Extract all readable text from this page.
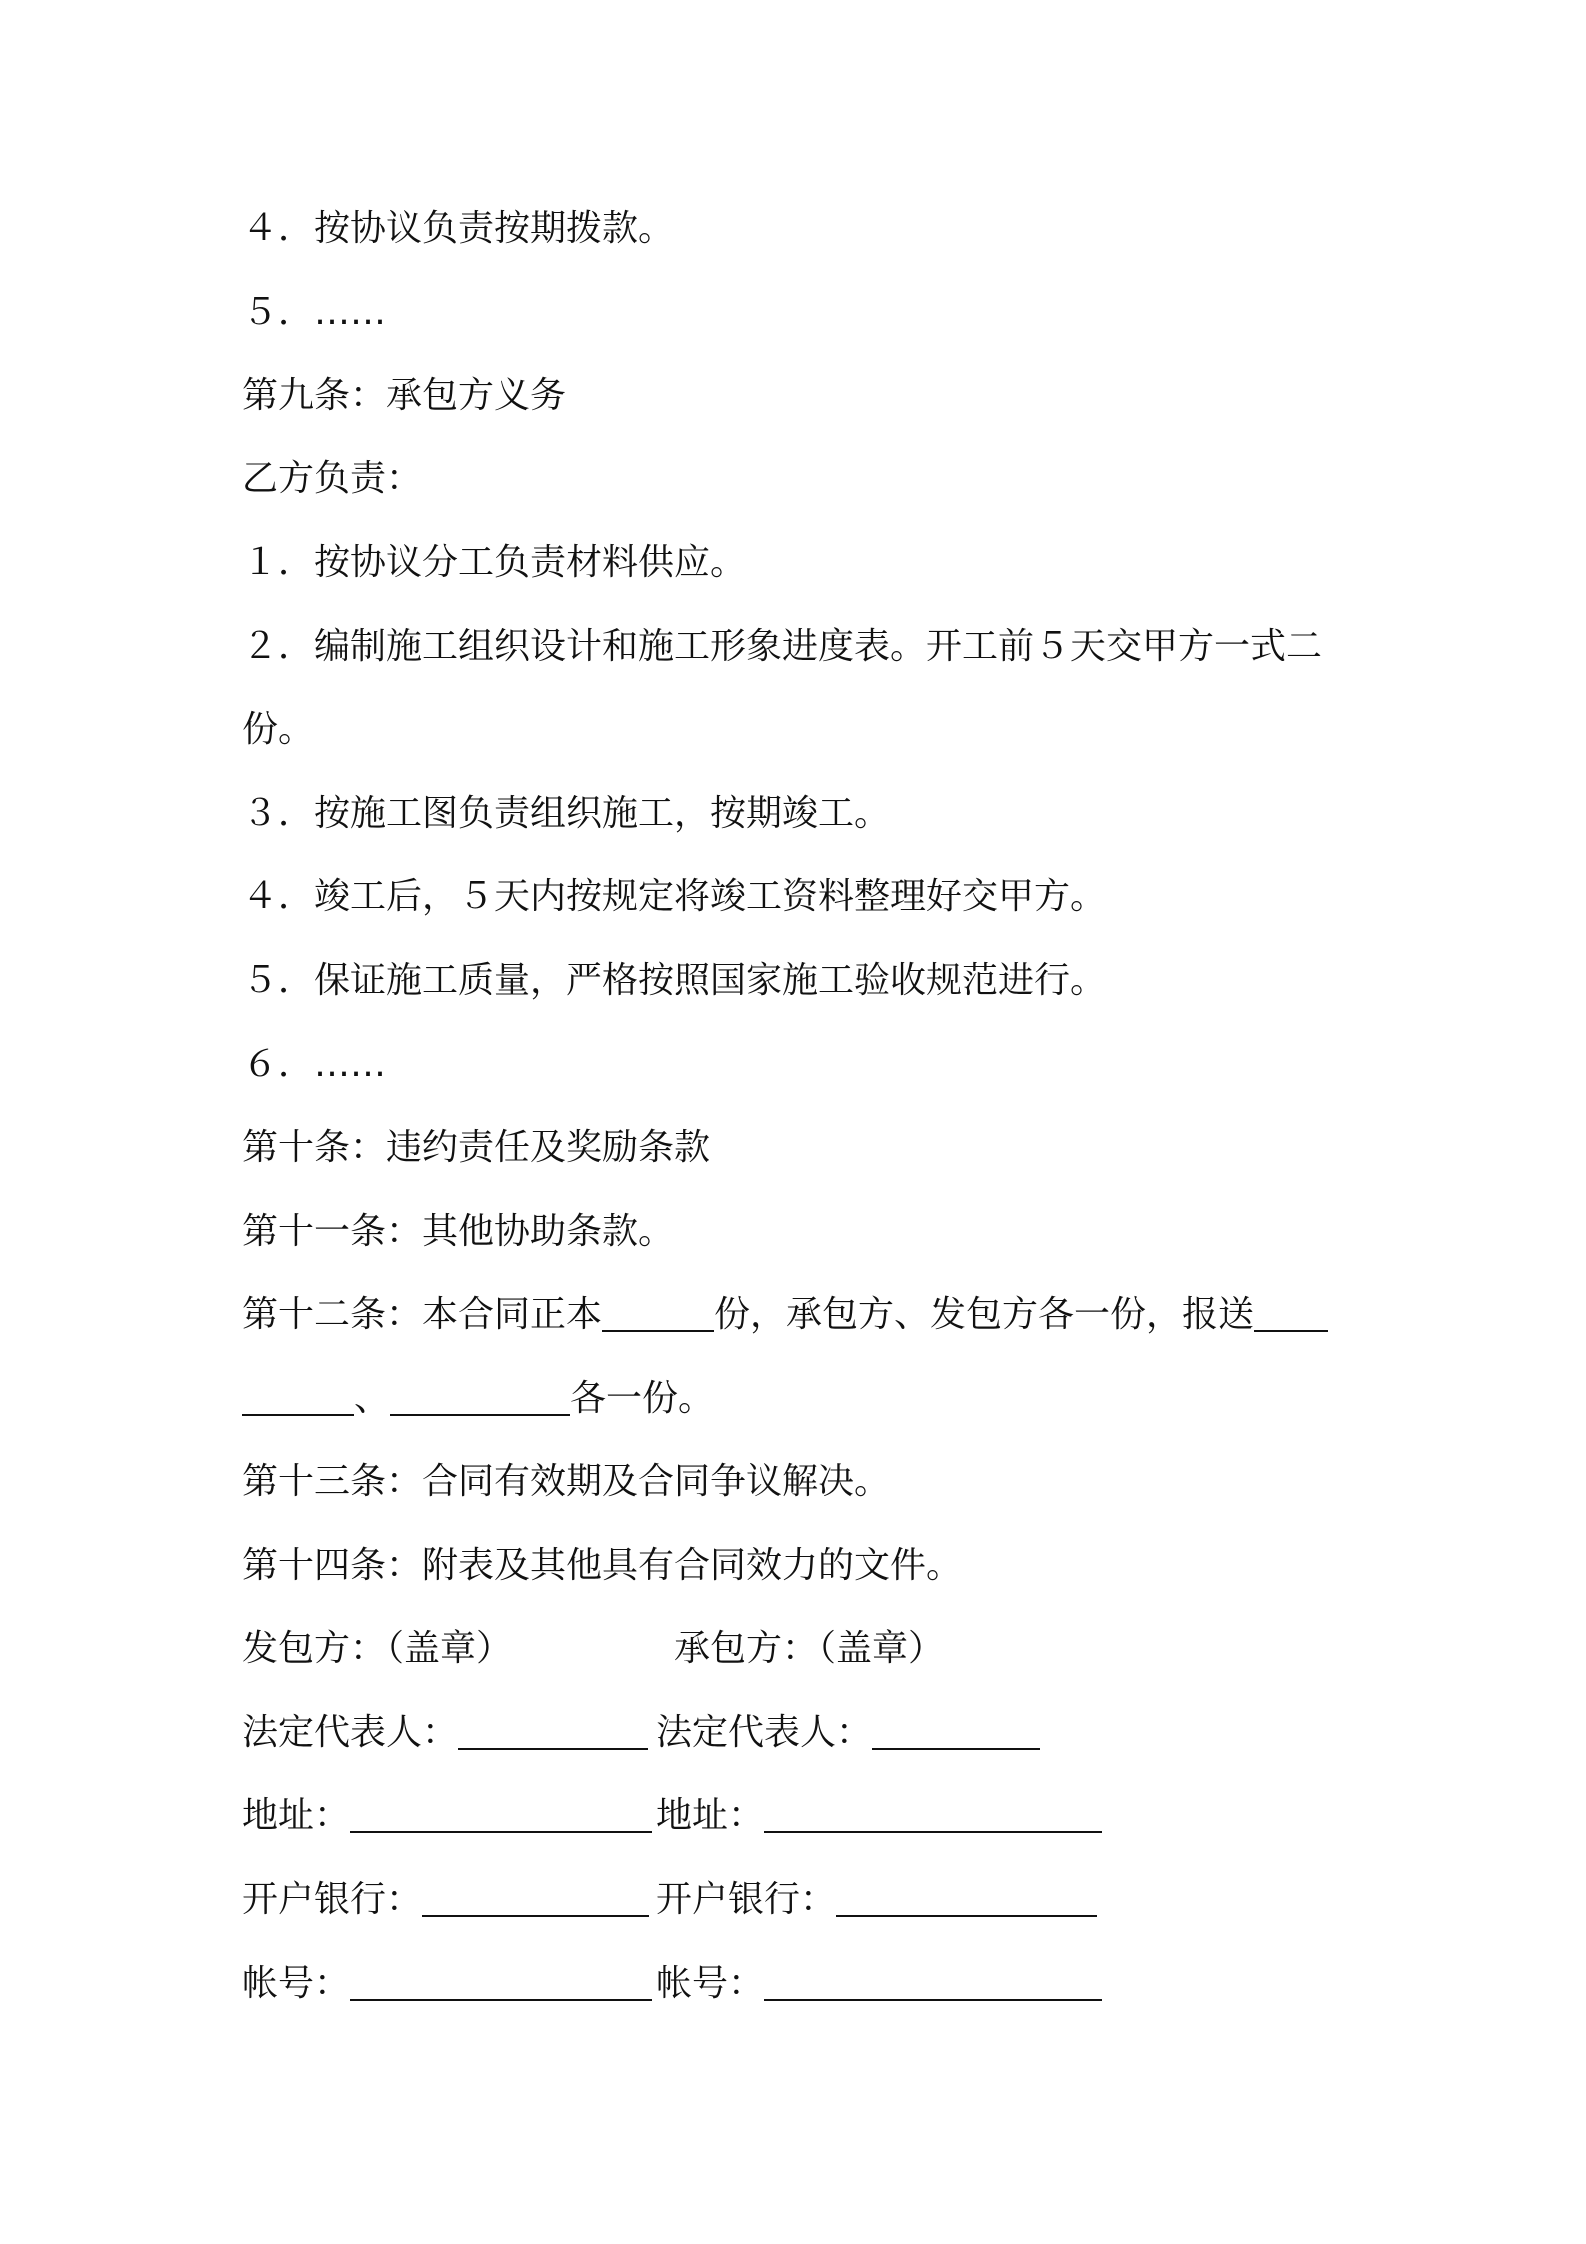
４．按协议负责按期拨款。
５．……
第九条：承包方义务
乙方负责：
１．按协议分工负责材料供应。
２．编制施工组织设计和施工形象进度表。开工前５天交甲方一式二
份。
３．按施工图负责组织施工，按期竣工。
４．竣工后，５天内按规定将竣工资料整理好交甲方。
５．保证施工质量，严格按照国家施工验收规范进行。
６．……
第十条：违约责任及奖励条款
第十一条：其他协助条款。
第十二条：本合同正本	份，承包方、发包方各一份，报送
、	各一份。
第十三条：合同有效期及合同争议解决。
第十四条：附表及其他具有合同效力的文件。
发包方：（盖章）	承包方：（盖章）
法定代表人：	法定代表人：
地址：	地址：
开户银行：	开户银行：
帐号：	帐号：
